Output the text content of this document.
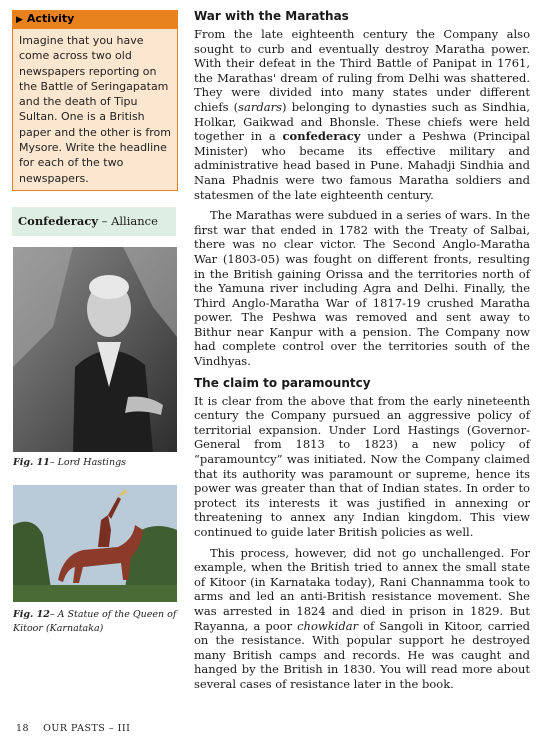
▶ Activity
Imagine that you have come across two old newspapers reporting on the Battle of Seringapatam and the death of Tipu Sultan. One is a British paper and the other is from Mysore. Write the headline for each of the two newspapers.
Confederacy – Alliance
Fig. 11– Lord Hastings
Fig. 12– A Statue of the Queen of Kitoor (Karnataka)
War with the Marathas

From the late eighteenth century the Company also sought to curb and eventually destroy Maratha power. With their defeat in the Third Battle of Panipat in 1761, the Marathas' dream of ruling from Delhi was shattered. They were divided into many states under different chiefs (sardars) belonging to dynasties such as Sindhia, Holkar, Gaikwad and Bhonsle. These chiefs were held together in a confederacy under a Peshwa (Principal Minister) who became its effective military and administrative head based in Pune. Mahadji Sindhia and Nana Phadnis were two famous Maratha soldiers and statesmen of the late eighteenth century.

The Marathas were subdued in a series of wars. In the first war that ended in 1782 with the Treaty of Salbai, there was no clear victor. The Second Anglo-Maratha War (1803-05) was fought on different fronts, resulting in the British gaining Orissa and the territories north of the Yamuna river including Agra and Delhi. Finally, the Third Anglo-Maratha War of 1817-19 crushed Maratha power. The Peshwa was removed and sent away to Bithur near Kanpur with a pension. The Company now had complete control over the territories south of the Vindhyas.

The claim to paramountcy

It is clear from the above that from the early nineteenth century the Company pursued an aggressive policy of territorial expansion. Under Lord Hastings (Governor-General from 1813 to 1823) a new policy of “paramountcy” was initiated. Now the Company claimed that its authority was paramount or supreme, hence its power was greater than that of Indian states. In order to protect its interests it was justified in annexing or threatening to annex any Indian kingdom. This view continued to guide later British policies as well.

This process, however, did not go unchallenged. For example, when the British tried to annex the small state of Kitoor (in Karnataka today), Rani Channamma took to arms and led an anti-British resistance movement. She was arrested in 1824 and died in prison in 1829. But Rayanna, a poor chowkidar of Sangoli in Kitoor, carried on the resistance. With popular support he destroyed many British camps and records. He was caught and hanged by the British in 1830. You will read more about several cases of resistance later in the book.

18 OUR PASTS – III
